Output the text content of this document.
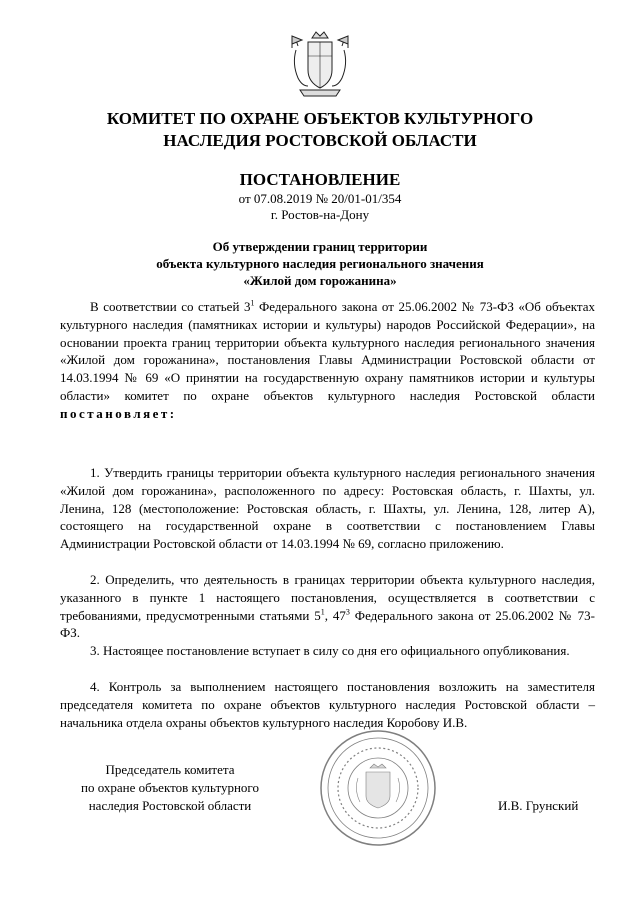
КОМИТЕТ ПО ОХРАНЕ ОБЪЕКТОВ КУЛЬТУРНОГО
НАСЛЕДИЯ РОСТОВСКОЙ ОБЛАСТИ
ПОСТАНОВЛЕНИЕ
от 07.08.2019 № 20/01-01/354
г. Ростов-на-Дону
Об утверждении границ территории
объекта культурного наследия регионального значения
«Жилой дом горожанина»
В соответствии со статьей $3^1$ Федерального закона от 25.06.2002 № 73-ФЗ «Об объектах культурного наследия (памятниках истории и культуры) народов Российской Федерации», на основании проекта границ территории объекта культурного наследия регионального значения «Жилой дом горожанина», постановления Главы Администрации Ростовской области от 14.03.1994 № 69 «О принятии на государственную охрану памятников истории и культуры области» комитет по охране объектов культурного наследия Ростовской области постановляет:
1. Утвердить границы территории объекта культурного наследия регионального значения «Жилой дом горожанина», расположенного по адресу: Ростовская область, г. Шахты, ул. Ленина, 128 (местоположение: Ростовская область, г. Шахты, ул. Ленина, 128, литер А), состоящего на государственной охране в соответствии с постановлением Главы Администрации Ростовской области от 14.03.1994 № 69, согласно приложению.
2. Определить, что деятельность в границах территории объекта культурного наследия, указанного в пункте 1 настоящего постановления, осуществляется в соответствии с требованиями, предусмотренными статьями $5^1$, $47^3$ Федерального закона от 25.06.2002 № 73-ФЗ.
3. Настоящее постановление вступает в силу со дня его официального опубликования.
4. Контроль за выполнением настоящего постановления возложить на заместителя председателя комитета по охране объектов культурного наследия Ростовской области – начальника отдела охраны объектов культурного наследия Коробову И.В.
Председатель комитета
по охране объектов культурного
наследия Ростовской области	И.В. Грунский
